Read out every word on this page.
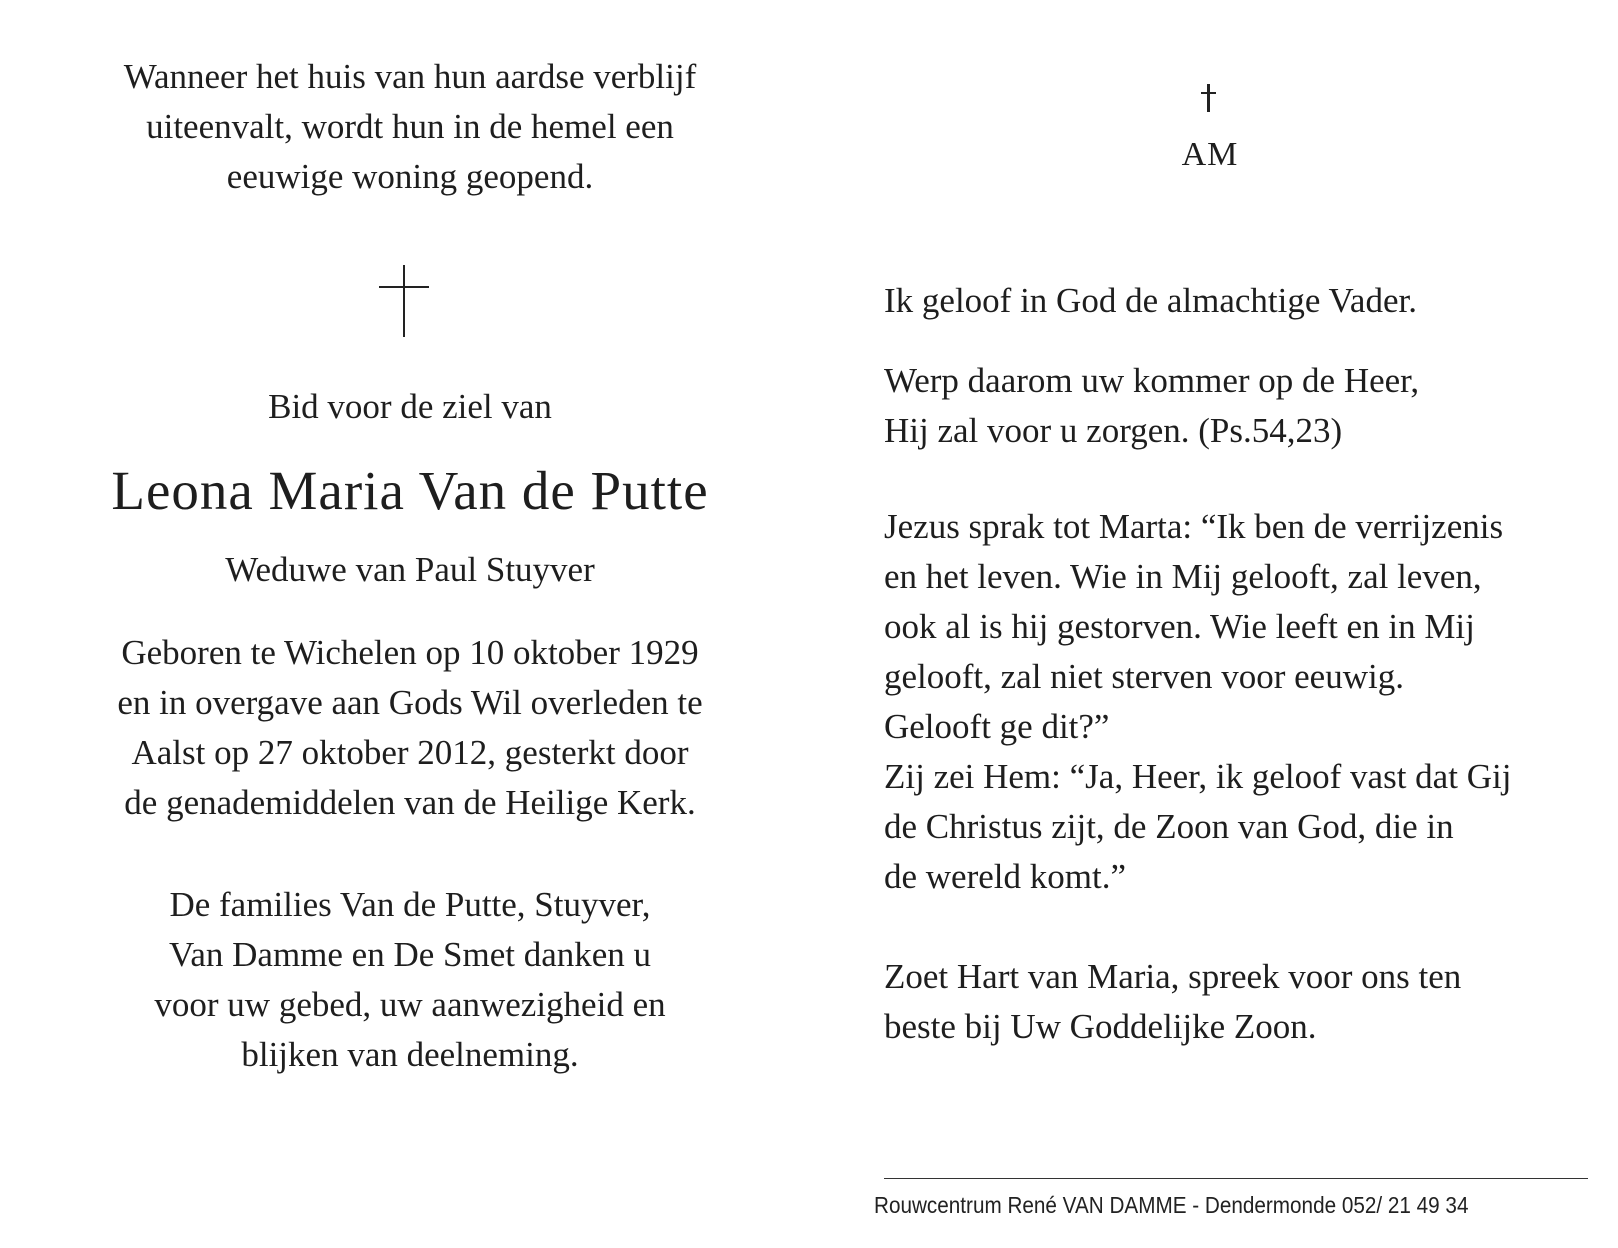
Wanneer het huis van hun aardse verblijf
uiteenvalt, wordt hun in de hemel een
eeuwige woning geopend.
Bid voor de ziel van
Leona Maria Van de Putte
Weduwe van Paul Stuyver
Geboren te Wichelen op 10 oktober 1929
en in overgave aan Gods Wil overleden te
Aalst op 27 oktober 2012, gesterkt door
de genademiddelen van de Heilige Kerk.
De families Van de Putte, Stuyver,
Van Damme en De Smet danken u
voor uw gebed, uw aanwezigheid en
blijken van deelneming.
AM
Ik geloof in God de almachtige Vader.
Werp daarom uw kommer op de Heer,
Hij zal voor u zorgen. (Ps.54,23)
Jezus sprak tot Marta: “Ik ben de verrijzenis
en het leven. Wie in Mij gelooft, zal leven,
ook al is hij gestorven. Wie leeft en in Mij
gelooft, zal niet sterven voor eeuwig.
Gelooft ge dit?”
Zij zei Hem: “Ja, Heer, ik geloof vast dat Gij
de Christus zijt, de Zoon van God, die in
de wereld komt.”
Zoet Hart van Maria, spreek voor ons ten
beste bij Uw Goddelijke Zoon.
Rouwcentrum René VAN DAMME - Dendermonde 052/ 21 49 34
